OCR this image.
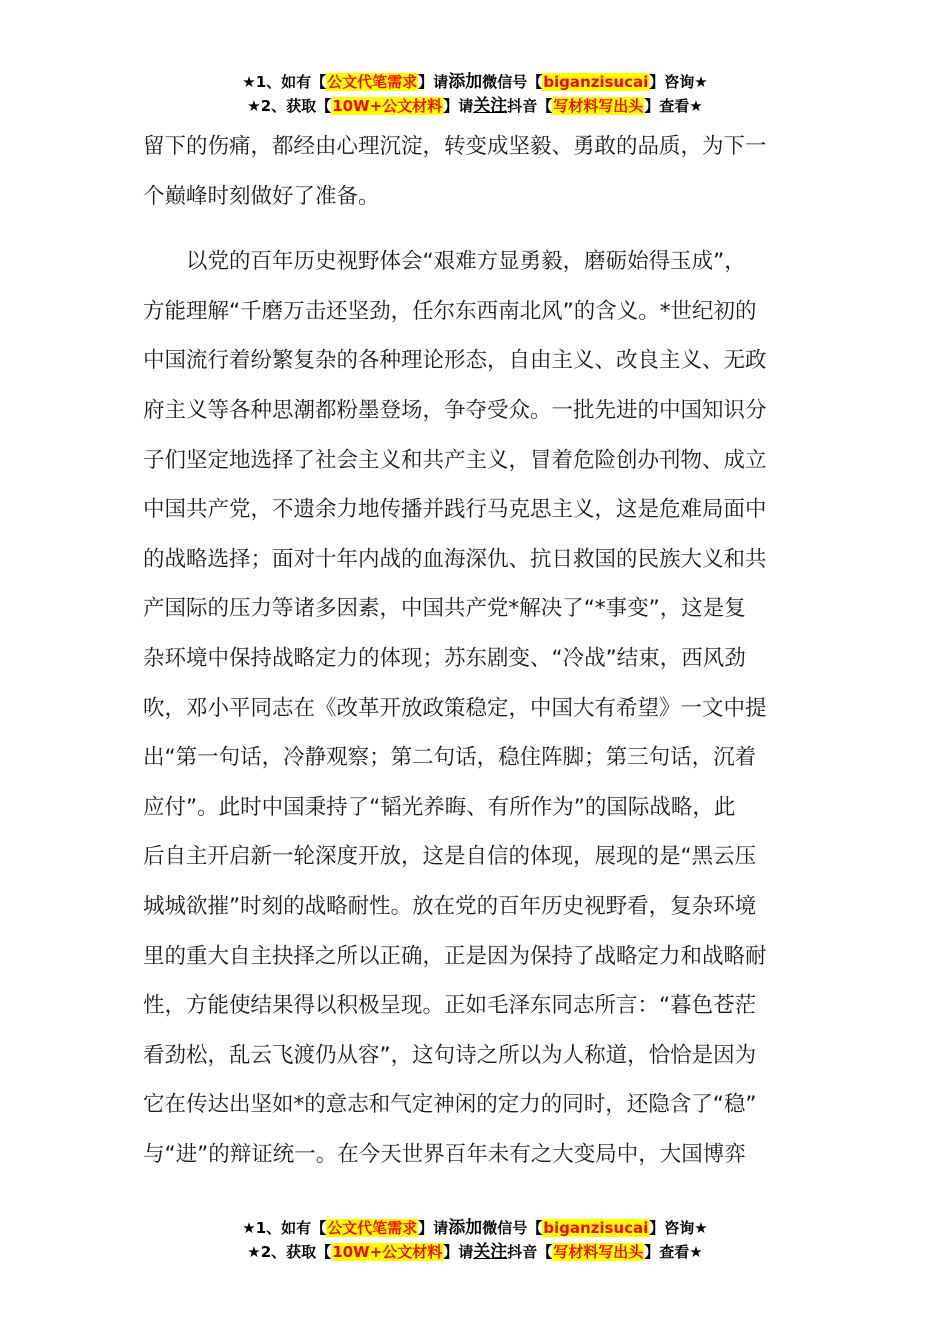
★1、如有【公文代笔需求】请添加微信号【biganzisucai】咨询★
★2、获取【10W+公文材料】请关注抖音【写材料写出头】查看★
留下的伤痛，都经由心理沉淀，转变成坚毅、勇敢的品质，为下一
个巅峰时刻做好了准备。
以党的百年历史视野体会“艰难方显勇毅，磨砺始得玉成”，
方能理解“千磨万击还坚劲，任尔东西南北风”的含义。*世纪初的
中国流行着纷繁复杂的各种理论形态，自由主义、改良主义、无政
府主义等各种思潮都粉墨登场，争夺受众。一批先进的中国知识分
子们坚定地选择了社会主义和共产主义，冒着危险创办刊物、成立
中国共产党，不遗余力地传播并践行马克思主义，这是危难局面中
的战略选择；面对十年内战的血海深仇、抗日救国的民族大义和共
产国际的压力等诸多因素，中国共产党*解决了“*事变”，这是复
杂环境中保持战略定力的体现；苏东剧变、“冷战”结束，西风劲
吹，邓小平同志在《改革开放政策稳定，中国大有希望》一文中提
出“第一句话，冷静观察；第二句话，稳住阵脚；第三句话，沉着
应付”。此时中国秉持了“韬光养晦、有所作为”的国际战略，此
后自主开启新一轮深度开放，这是自信的体现，展现的是“黑云压
城城欲摧”时刻的战略耐性。放在党的百年历史视野看，复杂环境
里的重大自主抉择之所以正确，正是因为保持了战略定力和战略耐
性，方能使结果得以积极呈现。正如毛泽东同志所言：“暮色苍茫
看劲松，乱云飞渡仍从容”，这句诗之所以为人称道，恰恰是因为
它在传达出坚如*的意志和气定神闲的定力的同时，还隐含了“稳”
与“进”的辩证统一。在今天世界百年未有之大变局中，大国博弈
★1、如有【公文代笔需求】请添加微信号【biganzisucai】咨询★
★2、获取【10W+公文材料】请关注抖音【写材料写出头】查看★
